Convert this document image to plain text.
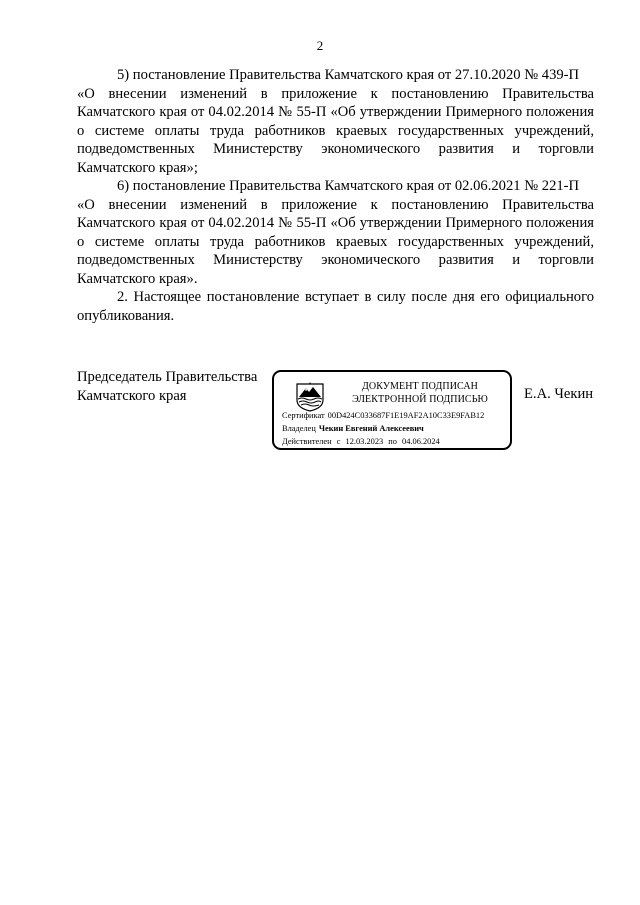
2

5) постановление Правительства Камчатского края от 27.10.2020 № 439-П «О внесении изменений в приложение к постановлению Правительства Камчатского края от 04.02.2014 № 55-П «Об утверждении Примерного положения о системе оплаты труда работников краевых государственных учреждений, подведомственных Министерству экономического развития и торговли Камчатского края»;

6) постановление Правительства Камчатского края от 02.06.2021 № 221-П «О внесении изменений в приложение к постановлению Правительства Камчатского края от 04.02.2014 № 55-П «Об утверждении Примерного положения о системе оплаты труда работников краевых государственных учреждений, подведомственных Министерству экономического развития и торговли Камчатского края».

2. Настоящее постановление вступает в силу после дня его официального опубликования.

Председатель Правительства
Камчатского края
ДОКУМЕНТ ПОДПИСАН
ЭЛЕКТРОННОЙ ПОДПИСЬЮ
Сертификат 00D424C033687F1E19AF2A10C33E9FAB12
Владелец Чекин Евгений Алексеевич
Действителен с 12.03.2023 по 04.06.2024
Е.А. Чекин
